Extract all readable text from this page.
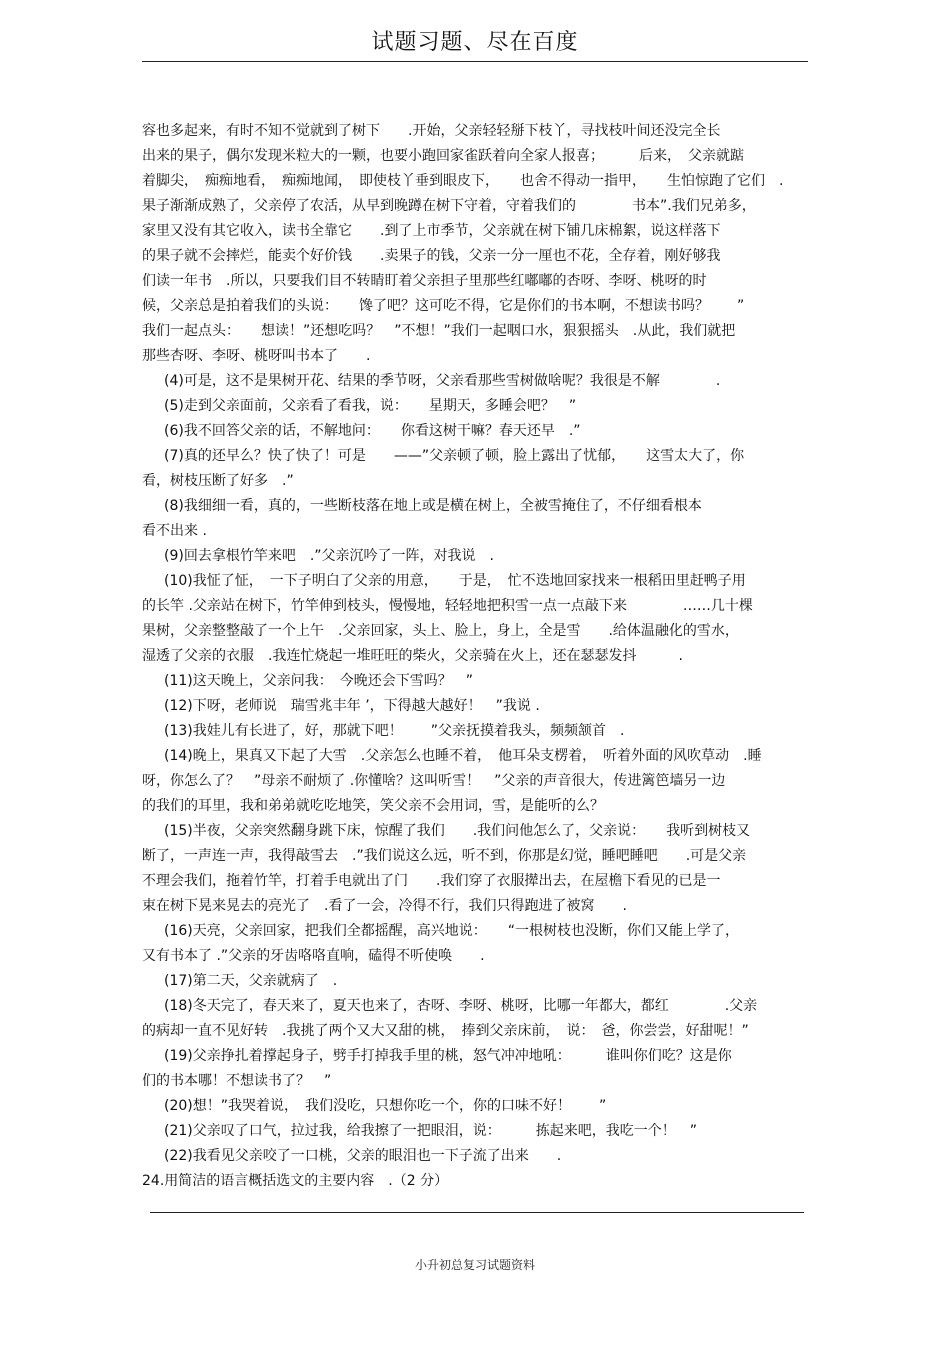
试题习题、尽在百度
容也多起来，有时不知不觉就到了树下　　.开始，父亲轻轻掰下枝丫，寻找枝叶间还没完全长
出来的果子，偶尔发现米粒大的一颗，也要小跑回家雀跃着向全家人报喜；　　　后来，　父亲就踮
着脚尖，　痴痴地看，　痴痴地闻，　即使枝丫垂到眼皮下，　　也舍不得动一指甲，　　生怕惊跑了它们　.
果子渐渐成熟了，父亲停了农活，从早到晚蹲在树下守着，守着我们的　　　　书本”.我们兄弟多，
家里又没有其它收入，读书全靠它　　.到了上市季节，父亲就在树下铺几床棉絮，说这样落下
的果子就不会摔烂，能卖个好价钱　　.卖果子的钱，父亲一分一厘也不花，全存着，刚好够我
们读一年书　.所以，只要我们目不转睛盯着父亲担子里那些红嘟嘟的杏呀、李呀、桃呀的时
候，父亲总是拍着我们的头说：　　馋了吧？这可吃不得，它是你们的书本啊，不想读书吗？　　”
我们一起点头：　　想读！”还想吃吗？　”不想！”我们一起咽口水，狠狠摇头　.从此，我们就把
那些杏呀、李呀、桃呀叫书本了　　.
(4)可是，这不是果树开花、结果的季节呀，父亲看那些雪树做啥呢？我很是不解　　　　.
(5)走到父亲面前，父亲看了看我，说：　　星期天，多睡会吧？　”
(6)我不回答父亲的话，不解地问：　　你看这树干嘛？春天还早　.”
(7)真的还早么？快了快了！可是　　——”父亲顿了顿，脸上露出了忧郁，　　这雪太大了，你
看，树枝压断了好多　.”
(8)我细细一看，真的，一些断枝落在地上或是横在树上，全被雪掩住了，不仔细看根本
看不出来 .
(9)回去拿根竹竿来吧　.”父亲沉吟了一阵，对我说　.
(10)我怔了怔，　一下子明白了父亲的用意，　　于是，　忙不迭地回家找来一根稻田里赶鸭子用
的长竿 .父亲站在树下，竹竿伸到枝头，慢慢地，轻轻地把积雪一点一点敲下来　　　　……几十棵
果树，父亲整整敲了一个上午　.父亲回家，头上、脸上，身上，全是雪　　.给体温融化的雪水，
湿透了父亲的衣服　.我连忙烧起一堆旺旺的柴火，父亲骑在火上，还在瑟瑟发抖　　　.
(11)这天晚上，父亲问我：　今晚还会下雪吗？　”
(12)下呀，老师说　瑞雪兆丰年 ’，下得越大越好！　”我说 .
(13)我娃儿有长进了，好，那就下吧！　　”父亲抚摸着我头，频频颔首　.
(14)晚上，果真又下起了大雪　.父亲怎么也睡不着，　他耳朵支楞着，　听着外面的风吹草动　.睡
呀，你怎么了？　”母亲不耐烦了 .你懂啥？这叫听雪！　”父亲的声音很大，传进篱笆墙另一边
的我们的耳里，我和弟弟就吃吃地笑，笑父亲不会用词，雪，是能听的么？
(15)半夜，父亲突然翻身跳下床，惊醒了我们　　.我们问他怎么了，父亲说：　　我听到树枝又
断了，一声连一声，我得敲雪去　.”我们说这么远，听不到，你那是幻觉，睡吧睡吧　　.可是父亲
不理会我们，拖着竹竿，打着手电就出了门　　.我们穿了衣服撵出去，在屋檐下看见的已是一
束在树下晃来晃去的亮光了　.看了一会，冷得不行，我们只得跑进了被窝　　.
(16)天亮，父亲回家，把我们全都摇醒，高兴地说：　　“一根树枝也没断，你们又能上学了，
又有书本了 .”父亲的牙齿咯咯直响，磕得不听使唤　　.
(17)第二天，父亲就病了　.
(18)冬天完了，春天来了，夏天也来了，杏呀、李呀、桃呀，比哪一年都大，都红　　　　.父亲
的病却一直不见好转　.我挑了两个又大又甜的桃，　捧到父亲床前，　说：　爸，你尝尝，好甜呢！”
(19)父亲挣扎着撑起身子，劈手打掉我手里的桃，怒气冲冲地吼：　　　谁叫你们吃？这是你
们的书本哪！不想读书了？　”
(20)想！”我哭着说，　我们没吃，只想你吃一个，你的口味不好！　　”
(21)父亲叹了口气，拉过我，给我擦了一把眼泪，说：　　　拣起来吧，我吃一个！　”
(22)我看见父亲咬了一口桃，父亲的眼泪也一下子流了出来　　.
24.用简洁的语言概括选文的主要内容　.（2 分）
小升初总复习试题资料
